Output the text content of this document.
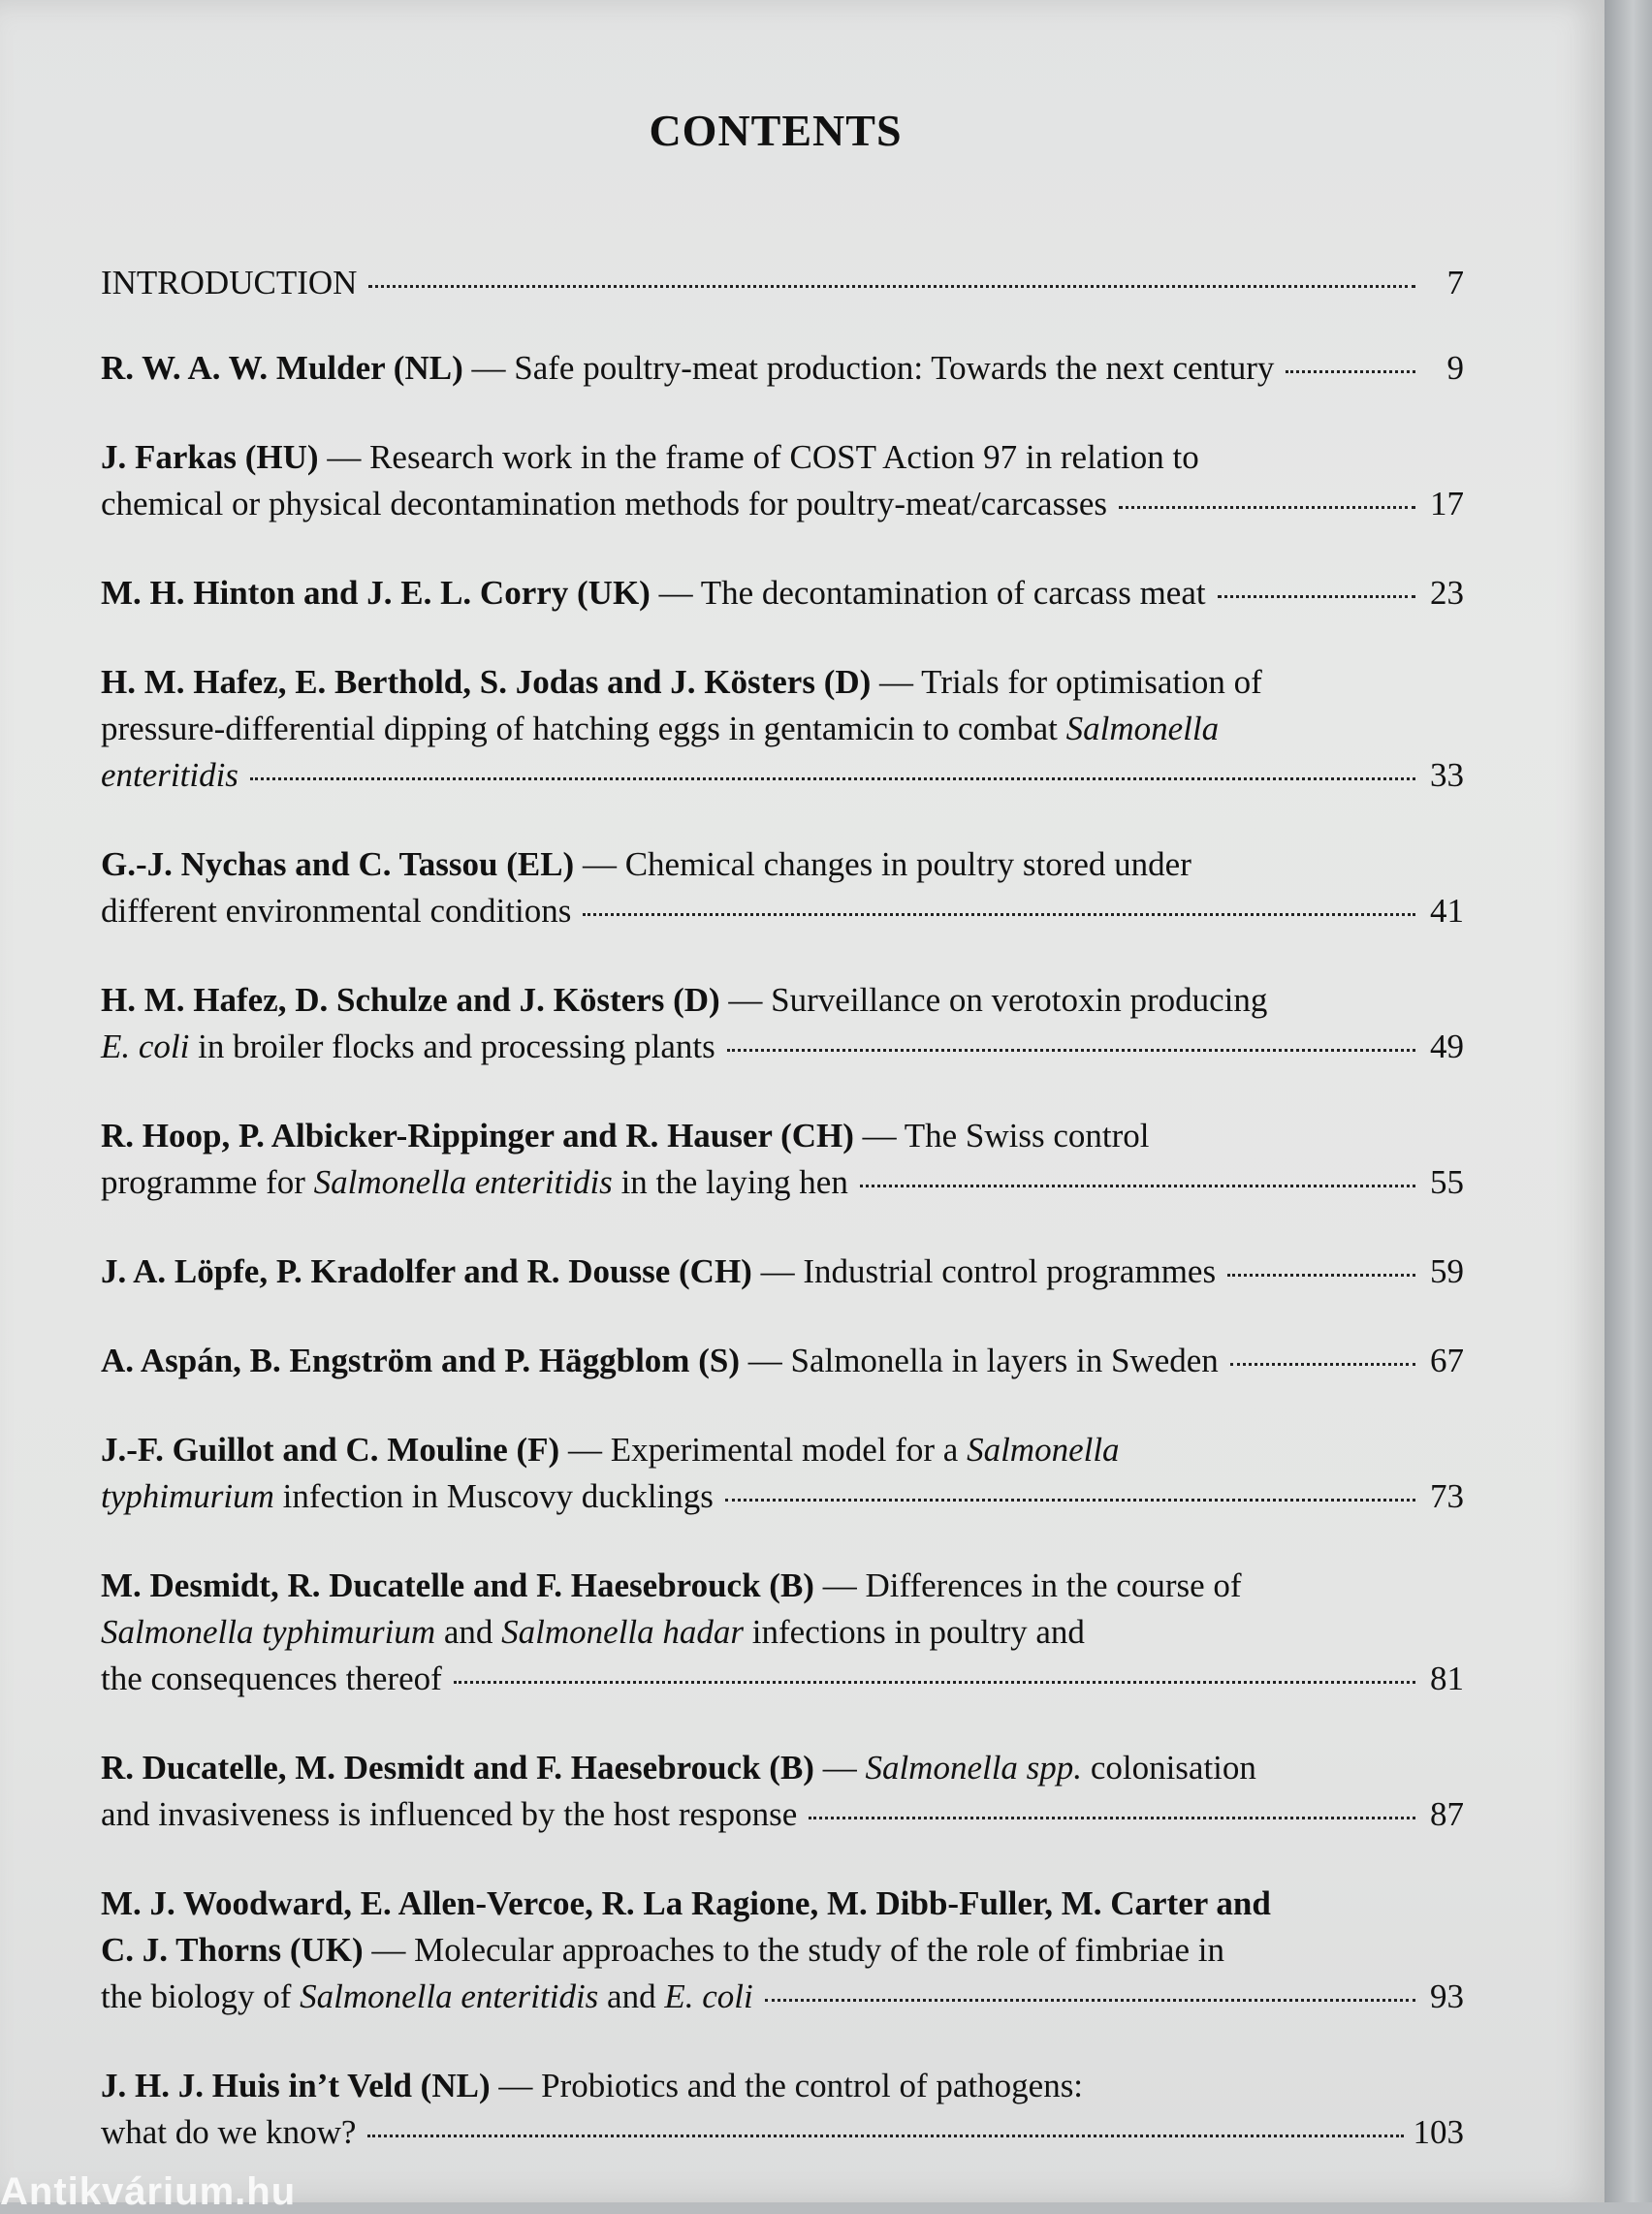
CONTENTS
INTRODUCTION	7
R. W. A. W. Mulder (NL) — Safe poultry-meat production: Towards the next century	9
J. Farkas (HU) — Research work in the frame of COST Action 97 in relation to
chemical or physical decontamination methods for poultry-meat/carcasses	17
M. H. Hinton and J. E. L. Corry (UK) — The decontamination of carcass meat	23
H. M. Hafez, E. Berthold, S. Jodas and J. Kösters (D) — Trials for optimisation of
pressure-differential dipping of hatching eggs in gentamicin to combat Salmonella
enteritidis	33
G.-J. Nychas and C. Tassou (EL) — Chemical changes in poultry stored under
different environmental conditions	41
H. M. Hafez, D. Schulze and J. Kösters (D) — Surveillance on verotoxin producing
E. coli in broiler flocks and processing plants	49
R. Hoop, P. Albicker-Rippinger and R. Hauser (CH) — The Swiss control
programme for Salmonella enteritidis in the laying hen	55
J. A. Löpfe, P. Kradolfer and R. Dousse (CH) — Industrial control programmes	59
A. Aspán, B. Engström and P. Häggblom (S) — Salmonella in layers in Sweden	67
J.-F. Guillot and C. Mouline (F) — Experimental model for a Salmonella
typhimurium infection in Muscovy ducklings	73
M. Desmidt, R. Ducatelle and F. Haesebrouck (B) — Differences in the course of
Salmonella typhimurium and Salmonella hadar infections in poultry and
the consequences thereof	81
R. Ducatelle, M. Desmidt and F. Haesebrouck (B) — Salmonella spp. colonisation
and invasiveness is influenced by the host response	87
M. J. Woodward, E. Allen-Vercoe, R. La Ragione, M. Dibb-Fuller, M. Carter and
C. J. Thorns (UK) — Molecular approaches to the study of the role of fimbriae in
the biology of Salmonella enteritidis and E. coli	93
J. H. J. Huis in’t Veld (NL) — Probiotics and the control of pathogens:
what do we know?	103
Antikvárium.hu
